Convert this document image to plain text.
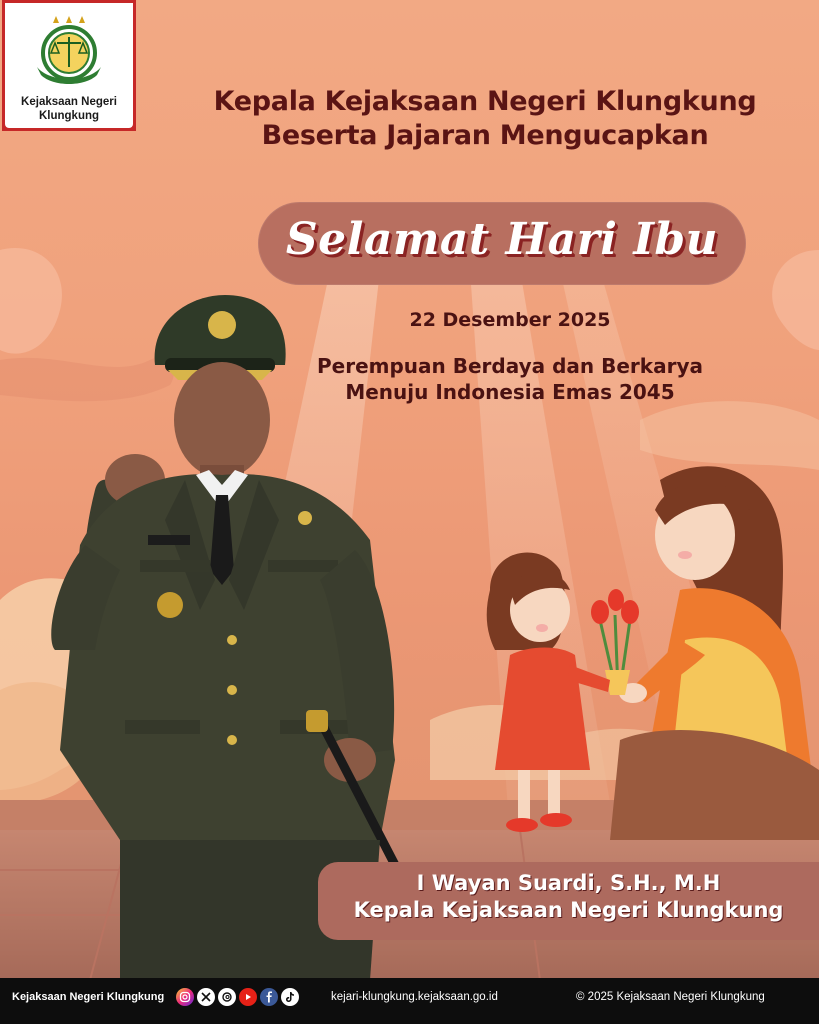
Kejaksaan Negeri
Klungkung	Kepala Kejaksaan Negeri Klungkung
Beserta Jajaran Mengucapkan
Selamat Hari Ibu
22 Desember 2025
Perempuan Berdaya dan Berkarya
Menuju Indonesia Emas 2045
I Wayan Suardi, S.H., M.H
Kepala Kejaksaan Negeri Klungkung
Kejaksaan Negeri Klungkung	kejari-klungkung.kejaksaan.go.id	© 2025 Kejaksaan Negeri Klungkung
